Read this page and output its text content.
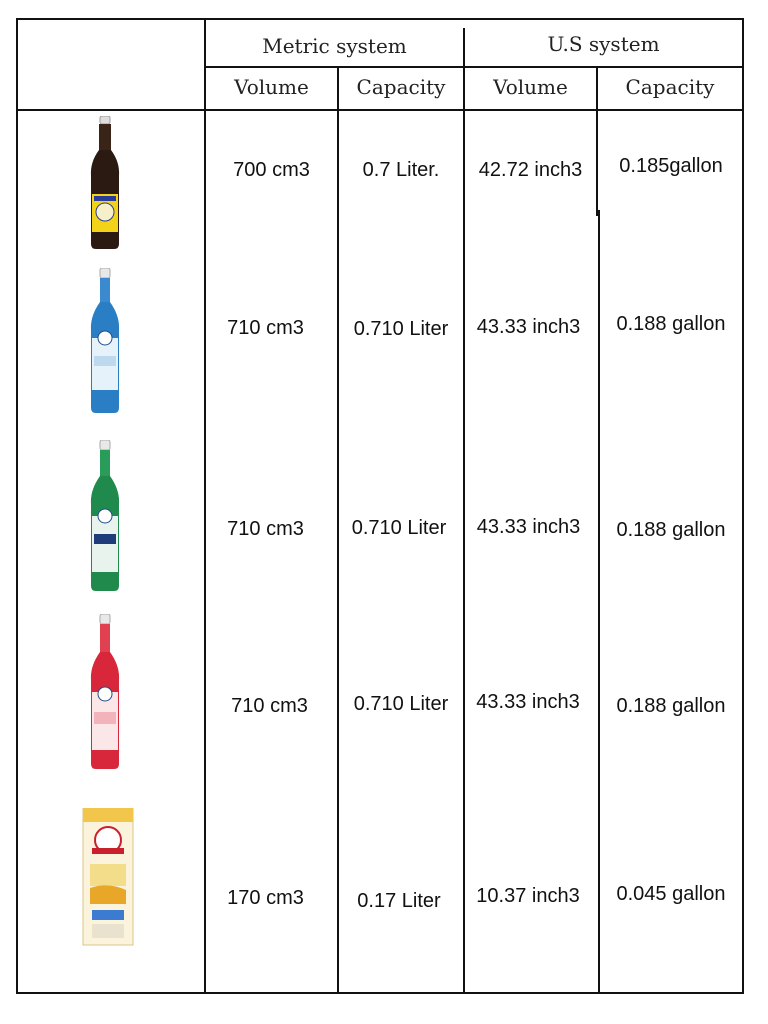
Metric system	U.S system
Volume	Capacity	Volume	Capacity
700 cm3	0.7 Liter.	42.72 inch3	0.185gallon
710 cm3	0.710 Liter	43.33 inch3	0.188 gallon
710 cm3	0.710 Liter	43.33 inch3	0.188 gallon
710 cm3	0.710 Liter	43.33 inch3	0.188 gallon
170 cm3	0.17 Liter	10.37 inch3	0.045 gallon
